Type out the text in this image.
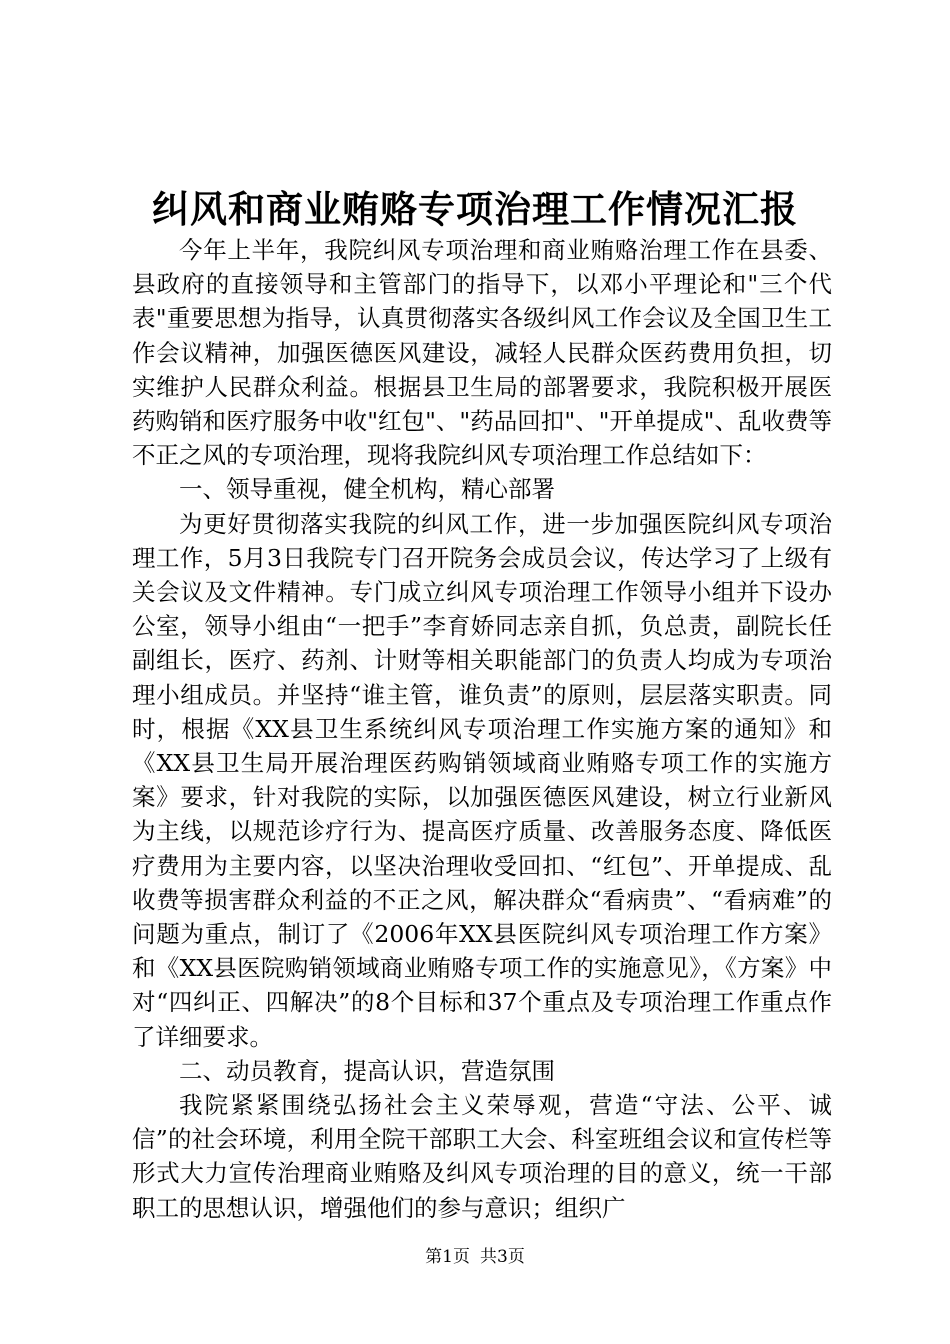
纠风和商业贿赂专项治理工作情况汇报

今年上半年，我院纠风专项治理和商业贿赂治理工作在县委、县政府的直接领导和主管部门的指导下，以邓小平理论和"三个代表"重要思想为指导，认真贯彻落实各级纠风工作会议及全国卫生工作会议精神，加强医德医风建设，减轻人民群众医药费用负担，切实维护人民群众利益。根据县卫生局的部署要求，我院积极开展医药购销和医疗服务中收"红包"、"药品回扣"、"开单提成"、乱收费等不正之风的专项治理，现将我院纠风专项治理工作总结如下：

一、领导重视，健全机构，精心部署

为更好贯彻落实我院的纠风工作，进一步加强医院纠风专项治理工作，5月3日我院专门召开院务会成员会议，传达学习了上级有关会议及文件精神。专门成立纠风专项治理工作领导小组并下设办公室，领导小组由“一把手”李育娇同志亲自抓，负总责，副院长任副组长，医疗、药剂、计财等相关职能部门的负责人均成为专项治理小组成员。并坚持“谁主管，谁负责”的原则，层层落实职责。同时，根据《XX县卫生系统纠风专项治理工作实施方案的通知》和《XX县卫生局开展治理医药购销领域商业贿赂专项工作的实施方案》要求，针对我院的实际，以加强医德医风建设，树立行业新风为主线，以规范诊疗行为、提高医疗质量、改善服务态度、降低医疗费用为主要内容，以坚决治理收受回扣、“红包”、开单提成、乱收费等损害群众利益的不正之风，解决群众“看病贵”、“看病难”的问题为重点，制订了《2006年XX县医院纠风专项治理工作方案》和《XX县医院购销领域商业贿赂专项工作的实施意见》，《方案》中对“四纠正、四解决”的8个目标和37个重点及专项治理工作重点作了详细要求。

二、动员教育，提高认识，营造氛围

我院紧紧围绕弘扬社会主义荣辱观，营造“守法、公平、诚信”的社会环境，利用全院干部职工大会、科室班组会议和宣传栏等形式大力宣传治理商业贿赂及纠风专项治理的目的意义，统一干部职工的思想认识，增强他们的参与意识；组织广

第1页 共3页
